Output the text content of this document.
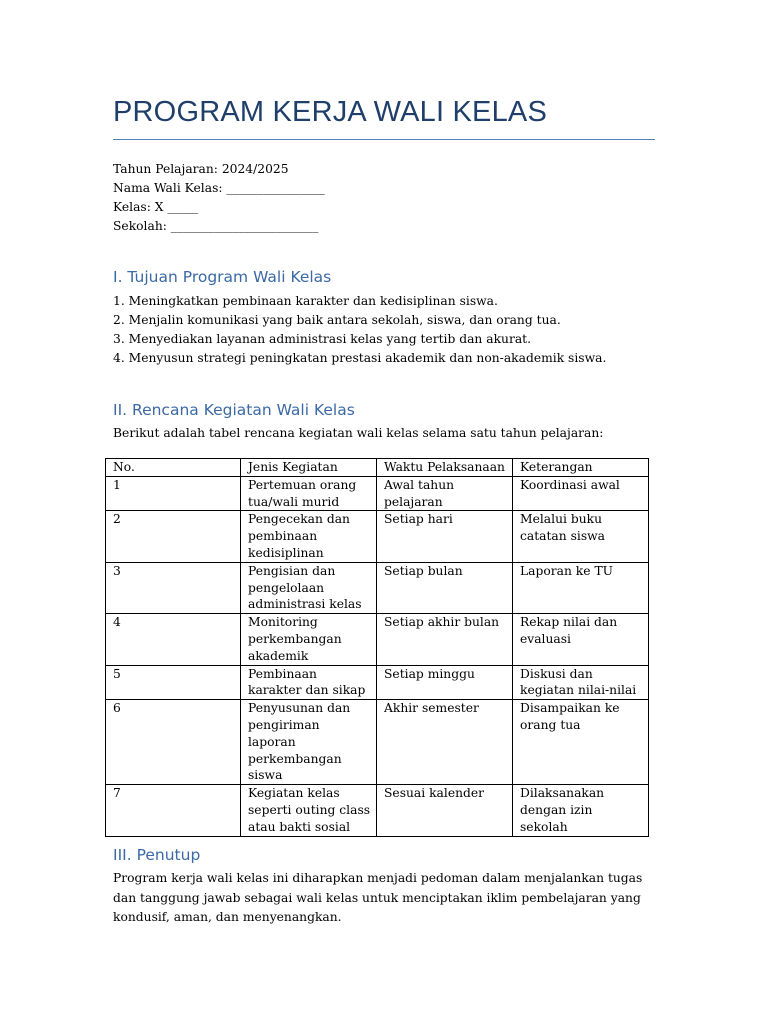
PROGRAM KERJA WALI KELAS
Tahun Pelajaran: 2024/2025
Nama Wali Kelas: ________________
Kelas: X _____
Sekolah: ________________________
I. Tujuan Program Wali Kelas
1. Meningkatkan pembinaan karakter dan kedisiplinan siswa.
2. Menjalin komunikasi yang baik antara sekolah, siswa, dan orang tua.
3. Menyediakan layanan administrasi kelas yang tertib dan akurat.
4. Menyusun strategi peningkatan prestasi akademik dan non-akademik siswa.
II. Rencana Kegiatan Wali Kelas
Berikut adalah tabel rencana kegiatan wali kelas selama satu tahun pelajaran:
No.	Jenis Kegiatan	Waktu Pelaksanaan	Keterangan
1	Pertemuan orang tua/wali murid	Awal tahun pelajaran	Koordinasi awal
2	Pengecekan dan pembinaan kedisiplinan	Setiap hari	Melalui buku catatan siswa
3	Pengisian dan pengelolaan administrasi kelas	Setiap bulan	Laporan ke TU
4	Monitoring perkembangan akademik	Setiap akhir bulan	Rekap nilai dan evaluasi
5	Pembinaan karakter dan sikap	Setiap minggu	Diskusi dan kegiatan nilai-nilai
6	Penyusunan dan pengiriman laporan perkembangan siswa	Akhir semester	Disampaikan ke orang tua
7	Kegiatan kelas seperti outing class atau bakti sosial	Sesuai kalender	Dilaksanakan dengan izin sekolah
III. Penutup
Program kerja wali kelas ini diharapkan menjadi pedoman dalam menjalankan tugas dan tanggung jawab sebagai wali kelas untuk menciptakan iklim pembelajaran yang kondusif, aman, dan menyenangkan.
